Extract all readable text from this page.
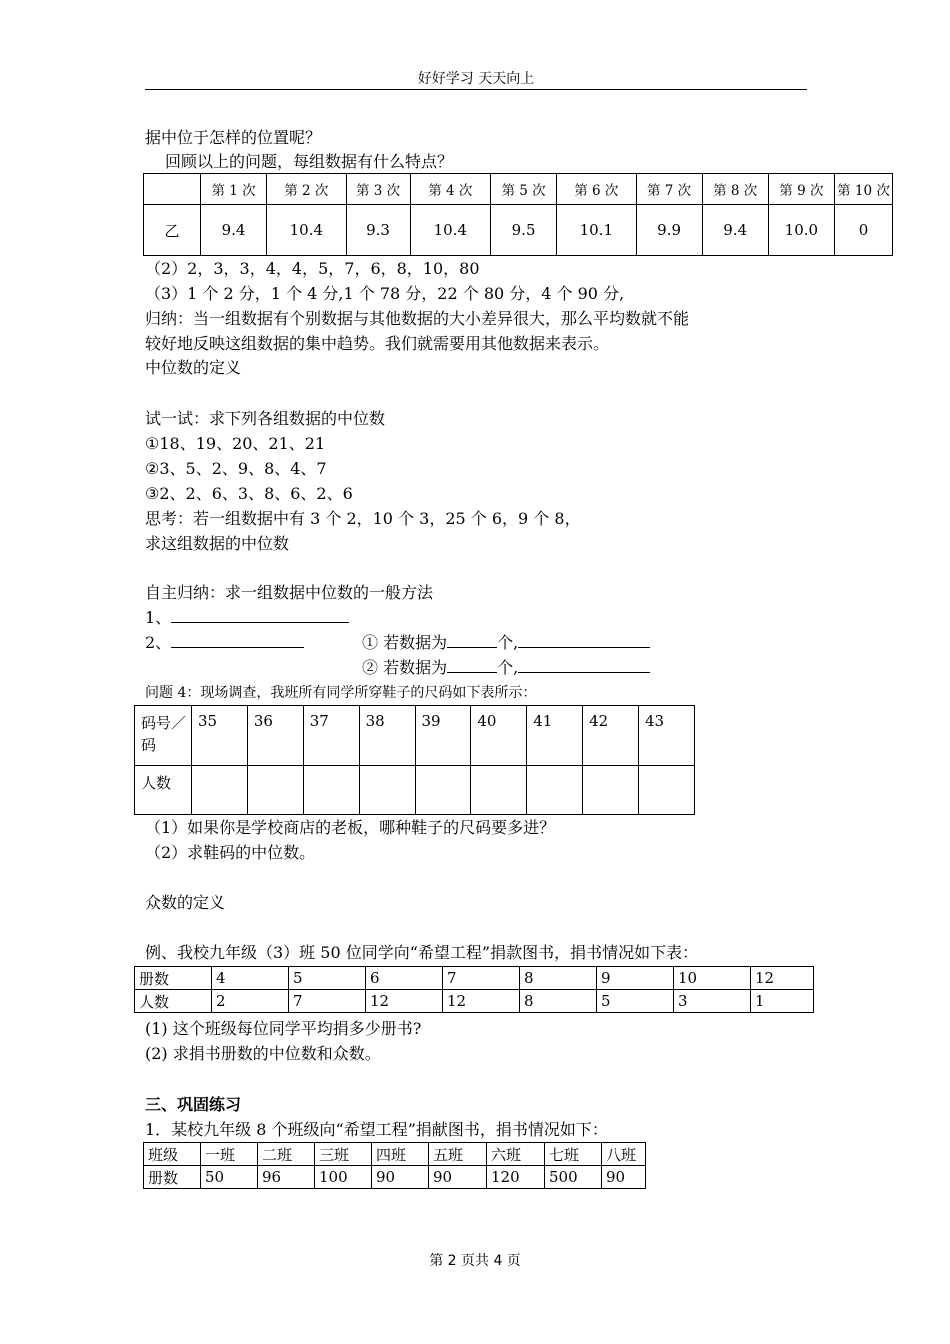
好好学习 天天向上
据中位于怎样的位置呢？
回顾以上的问题，每组数据有什么特点？
	第 1 次	第 2 次	第 3 次	第 4 次	第 5 次	第 6 次	第 7 次	第 8 次	第 9 次	第 10 次
乙	9.4	10.4	9.3	10.4	9.5	10.1	9.9	9.4	10.0	0
（2）2，3，3，4，4，5，7，6，8，10，80
（3）1 个 2 分，1 个 4 分,1 个 78 分，22 个 80 分，4 个 90 分,
归纳：当一组数据有个别数据与其他数据的大小差异很大，那么平均数就不能
较好地反映这组数据的集中趋势。我们就需要用其他数据来表示。
中位数的定义
试一试：求下列各组数据的中位数
①18、19、20、21、21
②3、5、2、9、8、4、7
③2、2、6、3、8、6、2、6
思考：若一组数据中有 3 个 2，10 个 3，25 个 6，9 个 8，
求这组数据的中位数
自主归纳：求一组数据中位数的一般方法
1、
2、	① 若数据为	个,
② 若数据为	个,
问题 4：现场调查，我班所有同学所穿鞋子的尺码如下表所示：
码号／码	35	36	37	38	39	40	41	42	43
人数									
（1）如果你是学校商店的老板，哪种鞋子的尺码要多进？
（2）求鞋码的中位数。
众数的定义
例、我校九年级（3）班 50 位同学向“希望工程”捐款图书，捐书情况如下表：
册数	4	5	6	7	8	9	10	12
人数	2	7	12	12	8	5	3	1
(1) 这个班级每位同学平均捐多少册书?
(2) 求捐书册数的中位数和众数。
三、巩固练习
1．某校九年级 8 个班级向“希望工程”捐献图书，捐书情况如下：
班级	一班	二班	三班	四班	五班	六班	七班	八班
册数	50	96	100	90	90	120	500	90
第 2 页共 4 页
